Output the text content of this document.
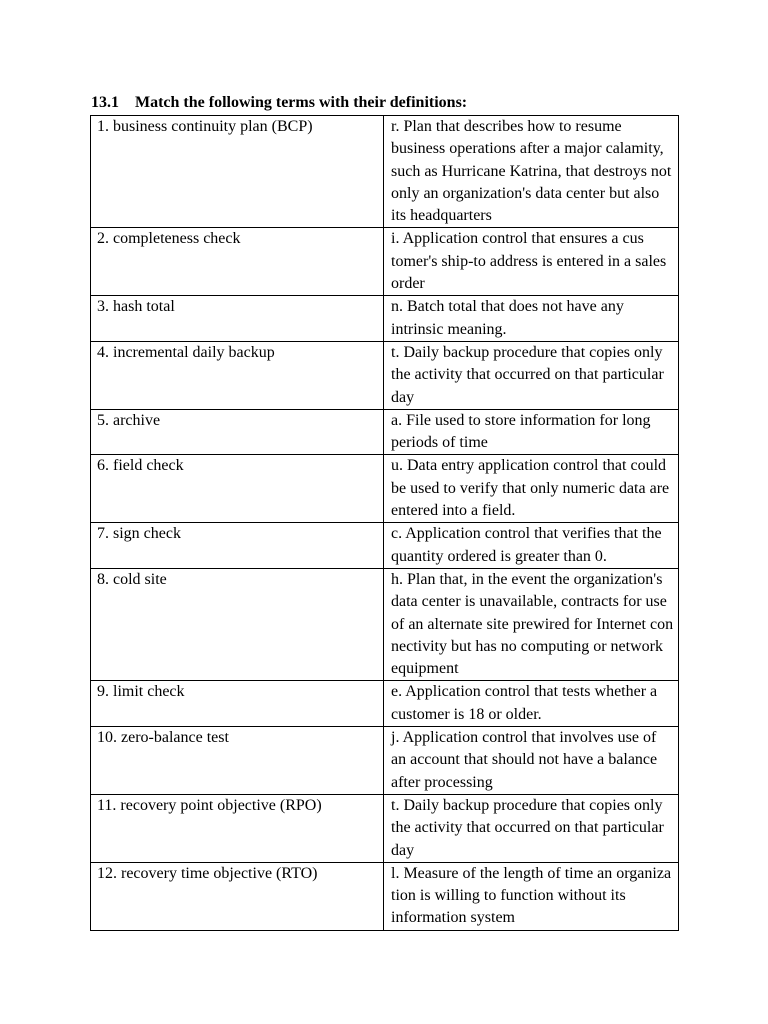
13.1 Match the following terms with their definitions:
1. business continuity plan (BCP)	r. Plan that describes how to resume business operations after a major calamity, such as Hurricane Katrina, that destroys not only an organization's data center but also its headquarters
2. completeness check	i. Application control that ensures a cus tomer's ship-to address is entered in a sales order
3. hash total	n. Batch total that does not have any intrinsic meaning.
4. incremental daily backup	t. Daily backup procedure that copies only the activity that occurred on that particular day
5. archive	a. File used to store information for long periods of time
6. field check	u. Data entry application control that could be used to verify that only numeric data are entered into a field.
7. sign check	c. Application control that verifies that the quantity ordered is greater than 0.
8. cold site	h. Plan that, in the event the organization's data center is unavailable, contracts for use of an alternate site prewired for Internet con nectivity but has no computing or network equipment
9. limit check	e. Application control that tests whether a customer is 18 or older.
10. zero-balance test	j. Application control that involves use of an account that should not have a balance after processing
11. recovery point objective (RPO)	t. Daily backup procedure that copies only the activity that occurred on that particular day
12. recovery time objective (RTO)	l. Measure of the length of time an organiza tion is willing to function without its information system
